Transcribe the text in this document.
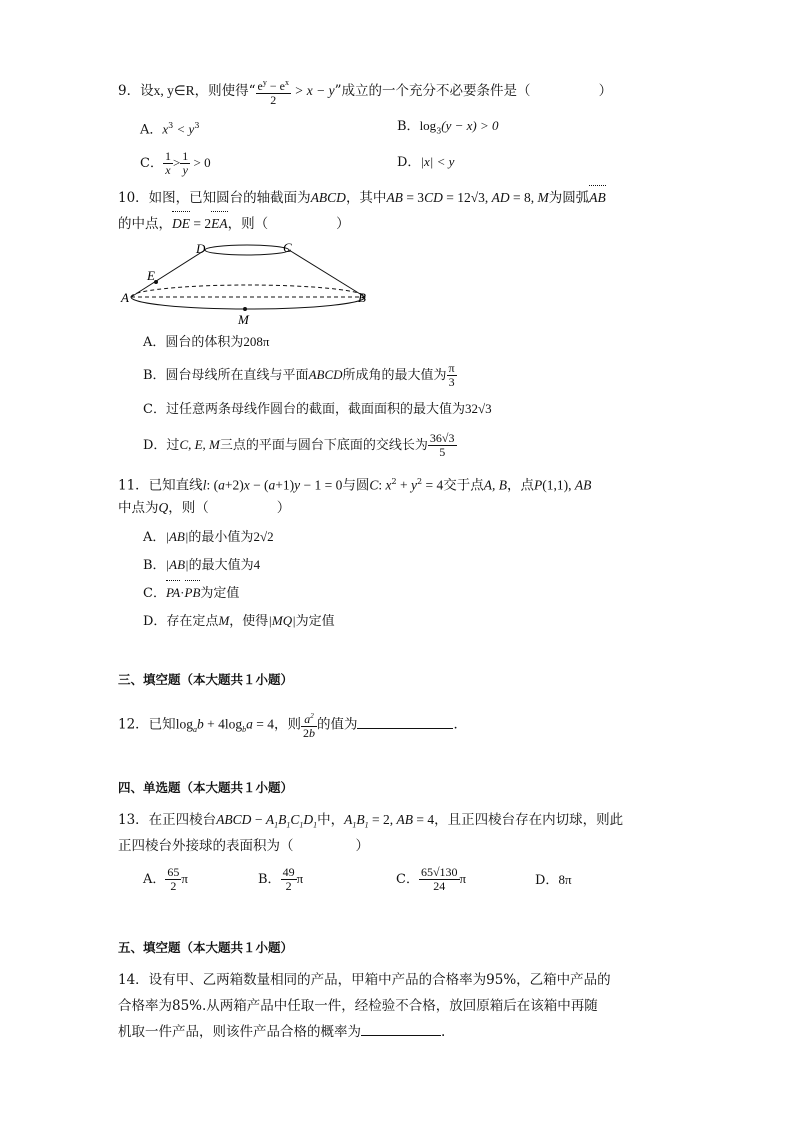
9．设x, y∈R，则使得“ $\frac{e^y - e^x}{2} > x - y$”成立的一个充分不必要条件是（	）
A．$x^3 < y^3$	B．$\log_3(y - x) > 0$
C． $\frac{1}{x} > \frac{1}{y} > 0$	D．|x| < y
10．如图，已知圆台的轴截面为ABCD，其中AB = 3CD = 12√3, AD = 8, M为圆弧AB
的中点，DE = 2EA，则（	）
D	C
E
A	B
M
A．圆台的体积为208π
B．圆台母线所在直线与平面ABCD所成角的最大值为 $\frac{\pi}{3}$
C．过任意两条母线作圆台的截面，截面面积的最大值为32√3
D．过C, E, M三点的平面与圆台下底面的交线长为 $\frac{36√3}{5}$
11．已知直线l: (a+2)x − (a+1)y − 1 = 0与圆C: $x^2 + y^2 = 4$交于点A, B，点P(1,1), AB
中点为Q，则（	）
A．|AB|的最小值为2√2
B．|AB|的最大值为4
C．PA·PB为定值
D．存在定点M，使得|MQ|为定值
三、填空题（本大题共１小题）
12．已知$\log_ab + 4\log_ba = 4$，则 $\frac{a^2}{2b}$ 的值为	．
四、单选题（本大题共１小题）
13．在正四棱台ABCD − $A_1B_1C_1D_1$中，$A_1B_1 = 2$, AB = 4，且正四棱台存在内切球，则此
正四棱台外接球的表面积为（	）
A． $\frac{65}{2}$ π	B． $\frac{49}{2}$ π	C． $\frac{65√130}{24}$ π	D．8π
五、填空题（本大题共１小题）
14．设有甲、乙两箱数量相同的产品，甲箱中产品的合格率为95%，乙箱中产品的
合格率为85%.从两箱产品中任取一件，经检验不合格，放回原箱后在该箱中再随
机取一件产品，则该件产品合格的概率为	.
